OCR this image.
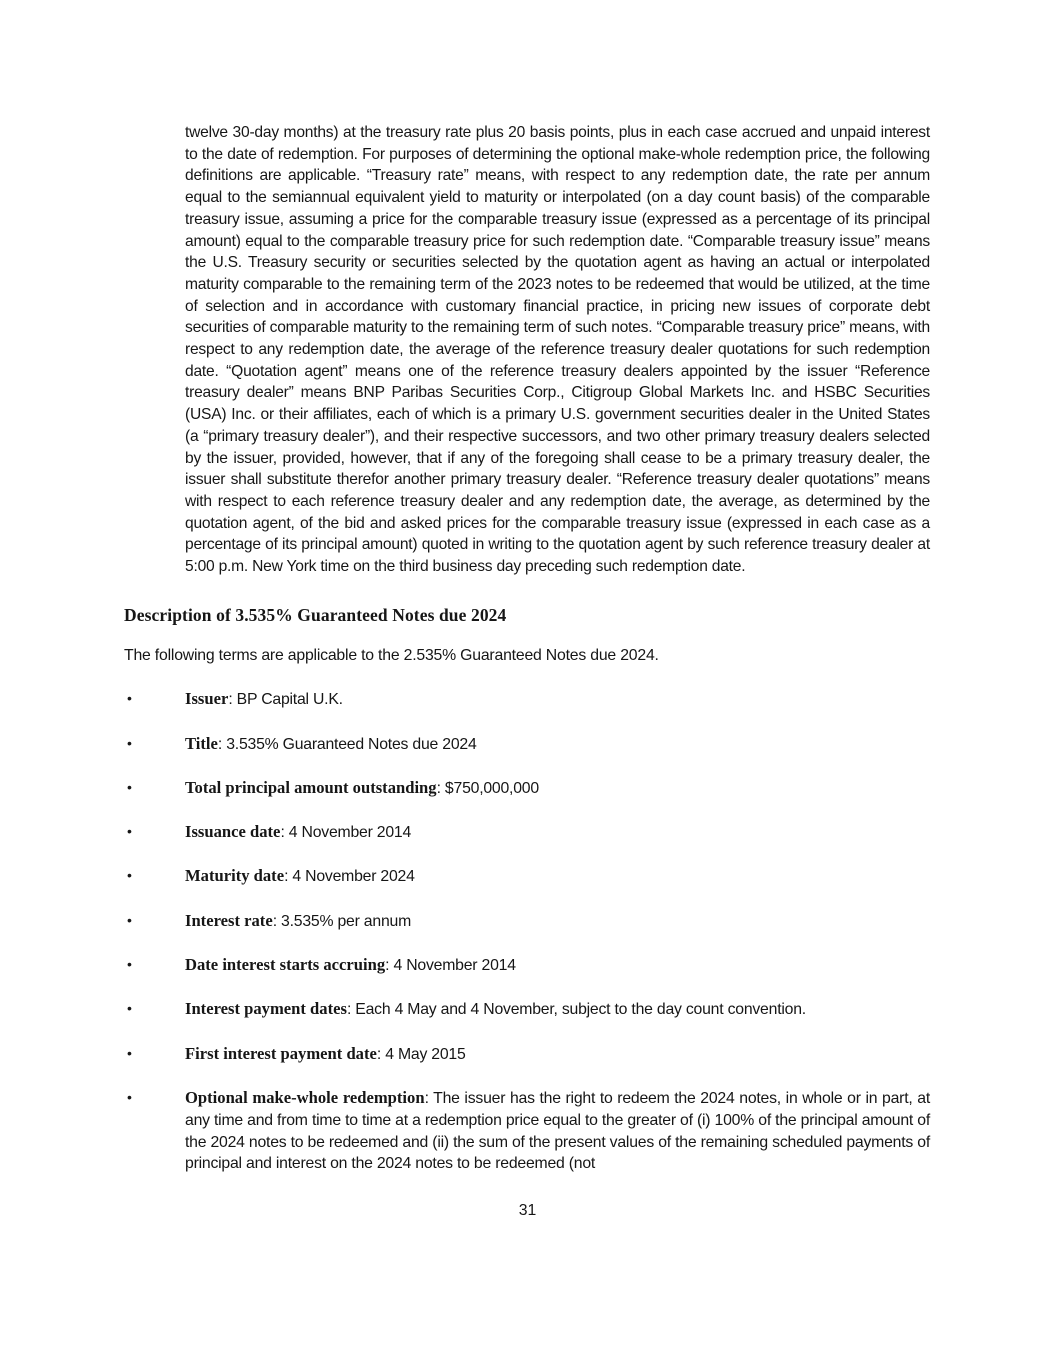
twelve 30-day months) at the treasury rate plus 20 basis points, plus in each case accrued and unpaid interest to the date of redemption. For purposes of determining the optional make-whole redemption price, the following definitions are applicable. “Treasury rate” means, with respect to any redemption date, the rate per annum equal to the semiannual equivalent yield to maturity or interpolated (on a day count basis) of the comparable treasury issue, assuming a price for the comparable treasury issue (expressed as a percentage of its principal amount) equal to the comparable treasury price for such redemption date. “Comparable treasury issue” means the U.S. Treasury security or securities selected by the quotation agent as having an actual or interpolated maturity comparable to the remaining term of the 2023 notes to be redeemed that would be utilized, at the time of selection and in accordance with customary financial practice, in pricing new issues of corporate debt securities of comparable maturity to the remaining term of such notes. “Comparable treasury price” means, with respect to any redemption date, the average of the reference treasury dealer quotations for such redemption date. “Quotation agent” means one of the reference treasury dealers appointed by the issuer “Reference treasury dealer” means BNP Paribas Securities Corp., Citigroup Global Markets Inc. and HSBC Securities (USA) Inc. or their affiliates, each of which is a primary U.S. government securities dealer in the United States (a “primary treasury dealer”), and their respective successors, and two other primary treasury dealers selected by the issuer, provided, however, that if any of the foregoing shall cease to be a primary treasury dealer, the issuer shall substitute therefor another primary treasury dealer. “Reference treasury dealer quotations” means with respect to each reference treasury dealer and any redemption date, the average, as determined by the quotation agent, of the bid and asked prices for the comparable treasury issue (expressed in each case as a percentage of its principal amount) quoted in writing to the quotation agent by such reference treasury dealer at 5:00 p.m. New York time on the third business day preceding such redemption date.

Description of 3.535% Guaranteed Notes due 2024

The following terms are applicable to the 2.535% Guaranteed Notes due 2024.

•	Issuer: BP Capital U.K.
•	Title: 3.535% Guaranteed Notes due 2024
•	Total principal amount outstanding: $750,000,000
•	Issuance date: 4 November 2014
•	Maturity date: 4 November 2024
•	Interest rate: 3.535% per annum
•	Date interest starts accruing: 4 November 2014
•	Interest payment dates: Each 4 May and 4 November, subject to the day count convention.
•	First interest payment date: 4 May 2015
•	Optional make-whole redemption: The issuer has the right to redeem the 2024 notes, in whole or in part, at any time and from time to time at a redemption price equal to the greater of (i) 100% of the principal amount of the 2024 notes to be redeemed and (ii) the sum of the present values of the remaining scheduled payments of principal and interest on the 2024 notes to be redeemed (not
31
